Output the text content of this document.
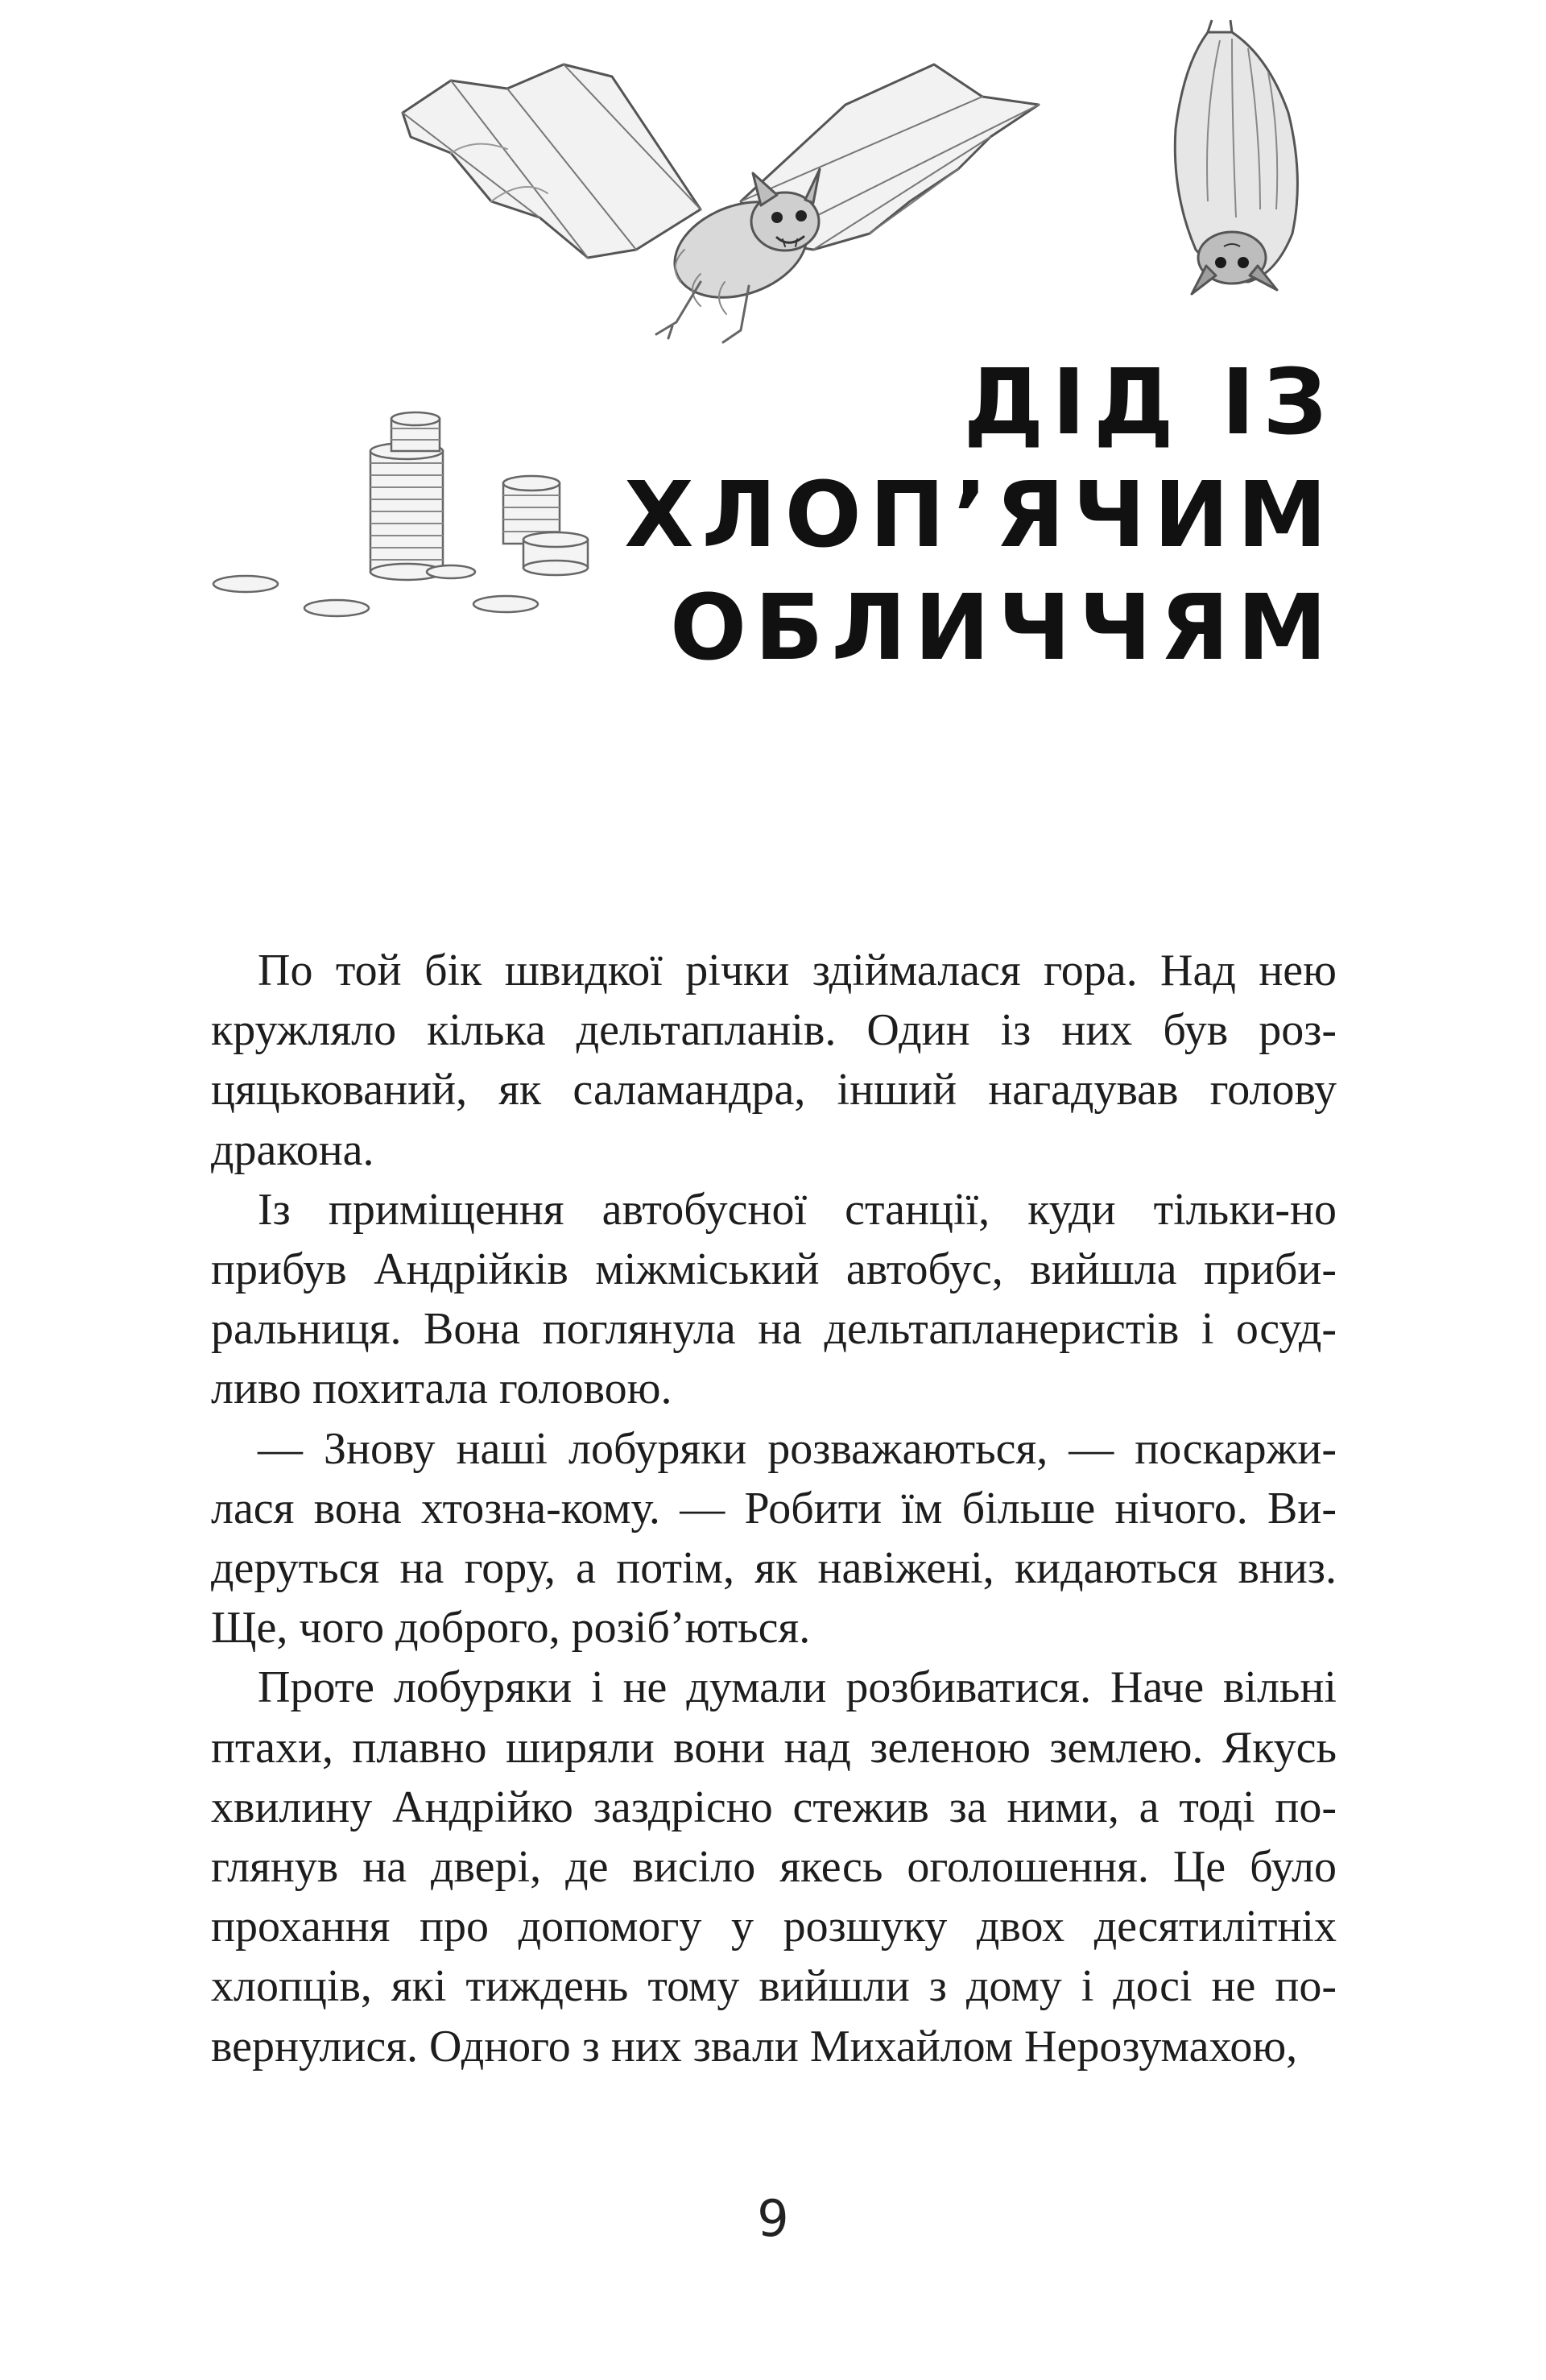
ДІД ІЗ ХЛОП’ЯЧИМ
ОБЛИЧЧЯМ

По той бік швидкої річки здіймалася гора. Над нею кружляло кілька дельтапланів. Один із них був розцяцькований, як саламандра, інший нагадував голову дракона.

Із приміщення автобусної станції, куди тільки-но прибув Андрійків міжміський автобус, вийшла прибиральниця. Вона поглянула на дельтапланеристів і осудливо похитала головою.

— Знову наші лобуряки розважаються, — поскаржилася вона хтозна-кому. — Робити їм більше нічого. Видеруться на гору, а потім, як навіжені, кидаються вниз. Ще, чого доброго, розіб’ються.

Проте лобуряки і не думали розбиватися. Наче вільні птахи, плавно ширяли вони над зеленою землею. Якусь хвилину Андрійко заздрісно стежив за ними, а тоді поглянув на двері, де висіло якесь оголошення. Це було прохання про допомогу у розшуку двох десятилітніх хлопців, які тиждень тому вийшли з дому і досі не повернулися. Одного з них звали Михайлом Нерозумахою,

9
